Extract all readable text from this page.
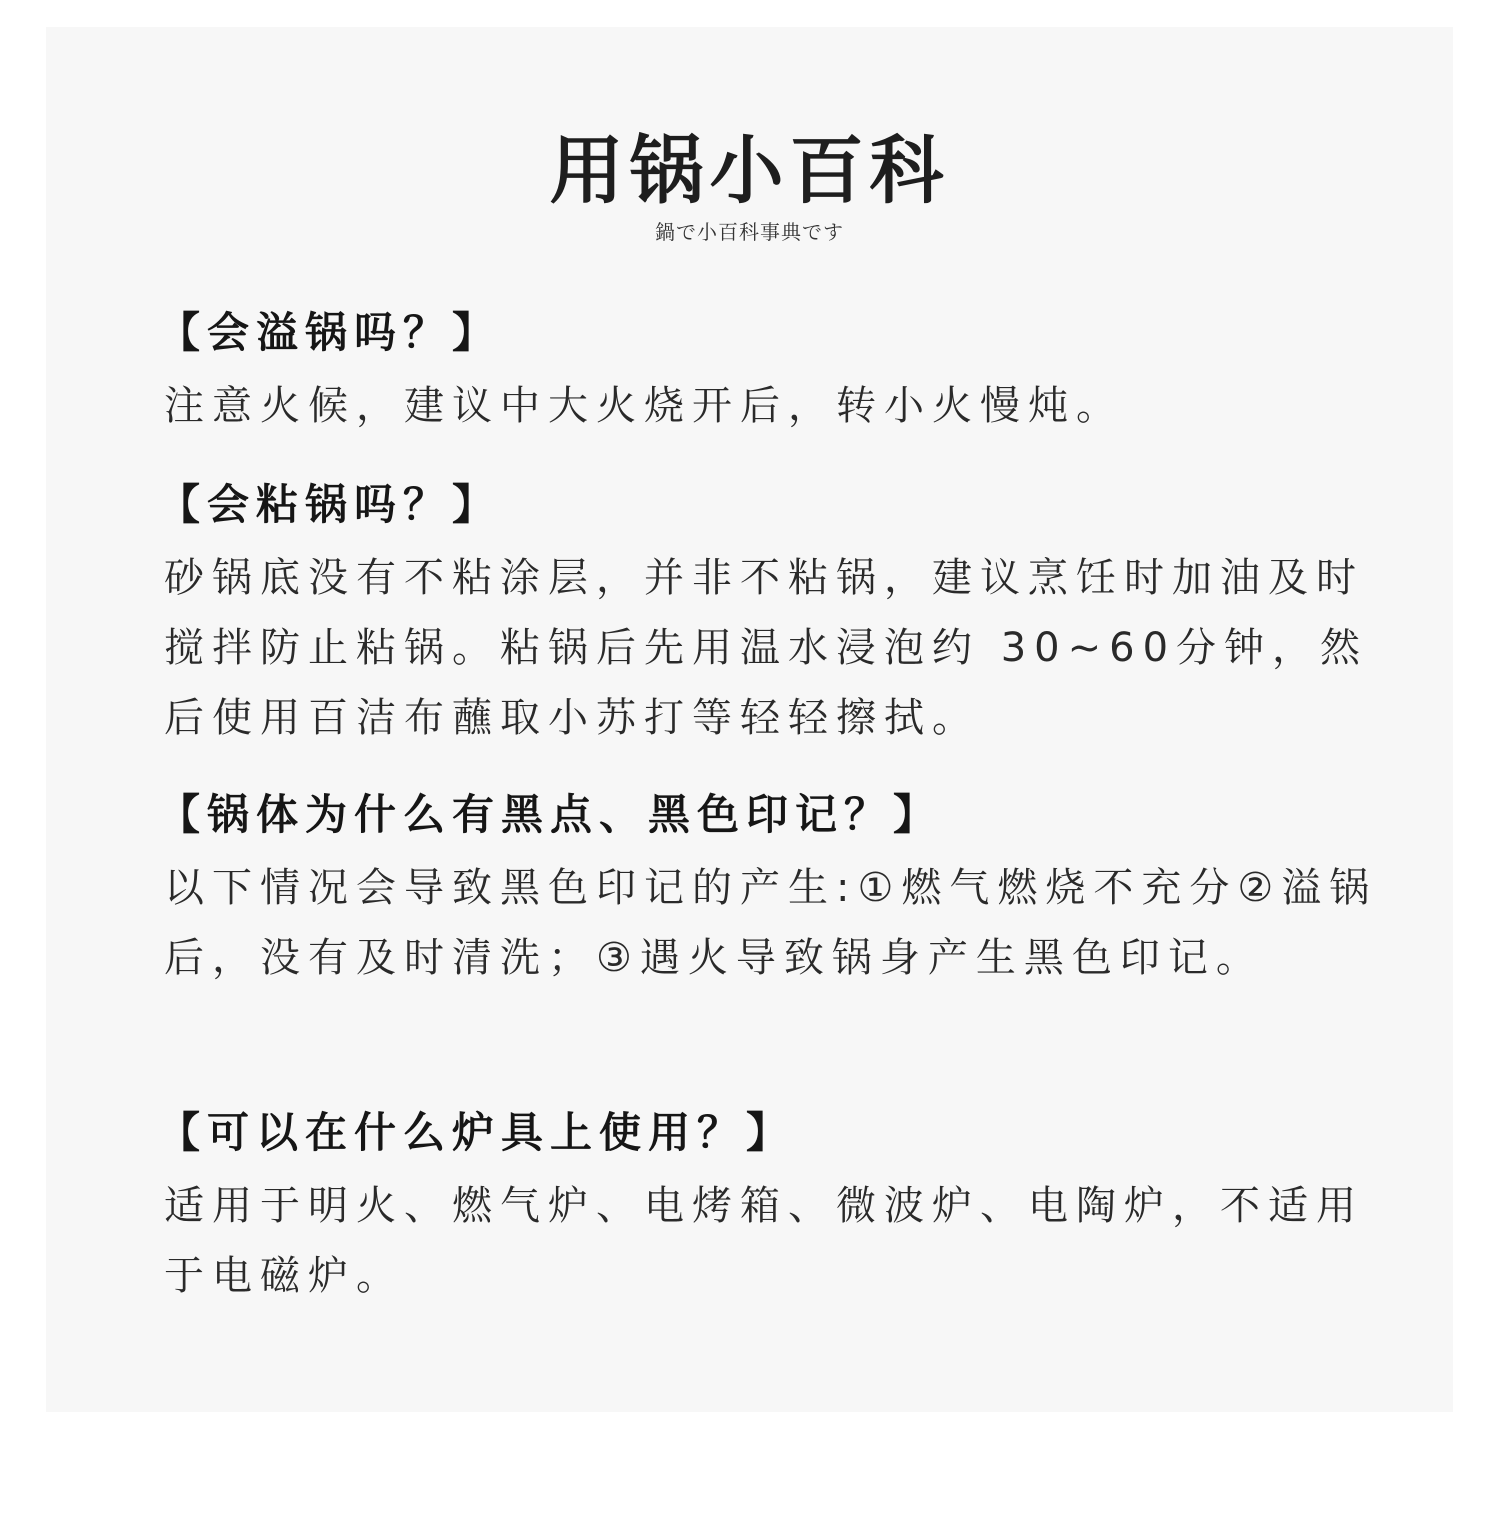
用锅小百科
鍋で小百科事典です
【会溢锅吗？】
注意火候，建议中大火烧开后，转小火慢炖。
【会粘锅吗？】
砂锅底没有不粘涂层，并非不粘锅，建议烹饪时加油及时搅拌防止粘锅。粘锅后先用温水浸泡约 30~60分钟，然后使用百洁布蘸取小苏打等轻轻擦拭。
【锅体为什么有黑点、黑色印记？】
以下情况会导致黑色印记的产生:①燃气燃烧不充分②溢锅后，没有及时清洗；③遇火导致锅身产生黑色印记。
【可以在什么炉具上使用？】
适用于明火、燃气炉、电烤箱、微波炉、电陶炉，不适用于电磁炉。
